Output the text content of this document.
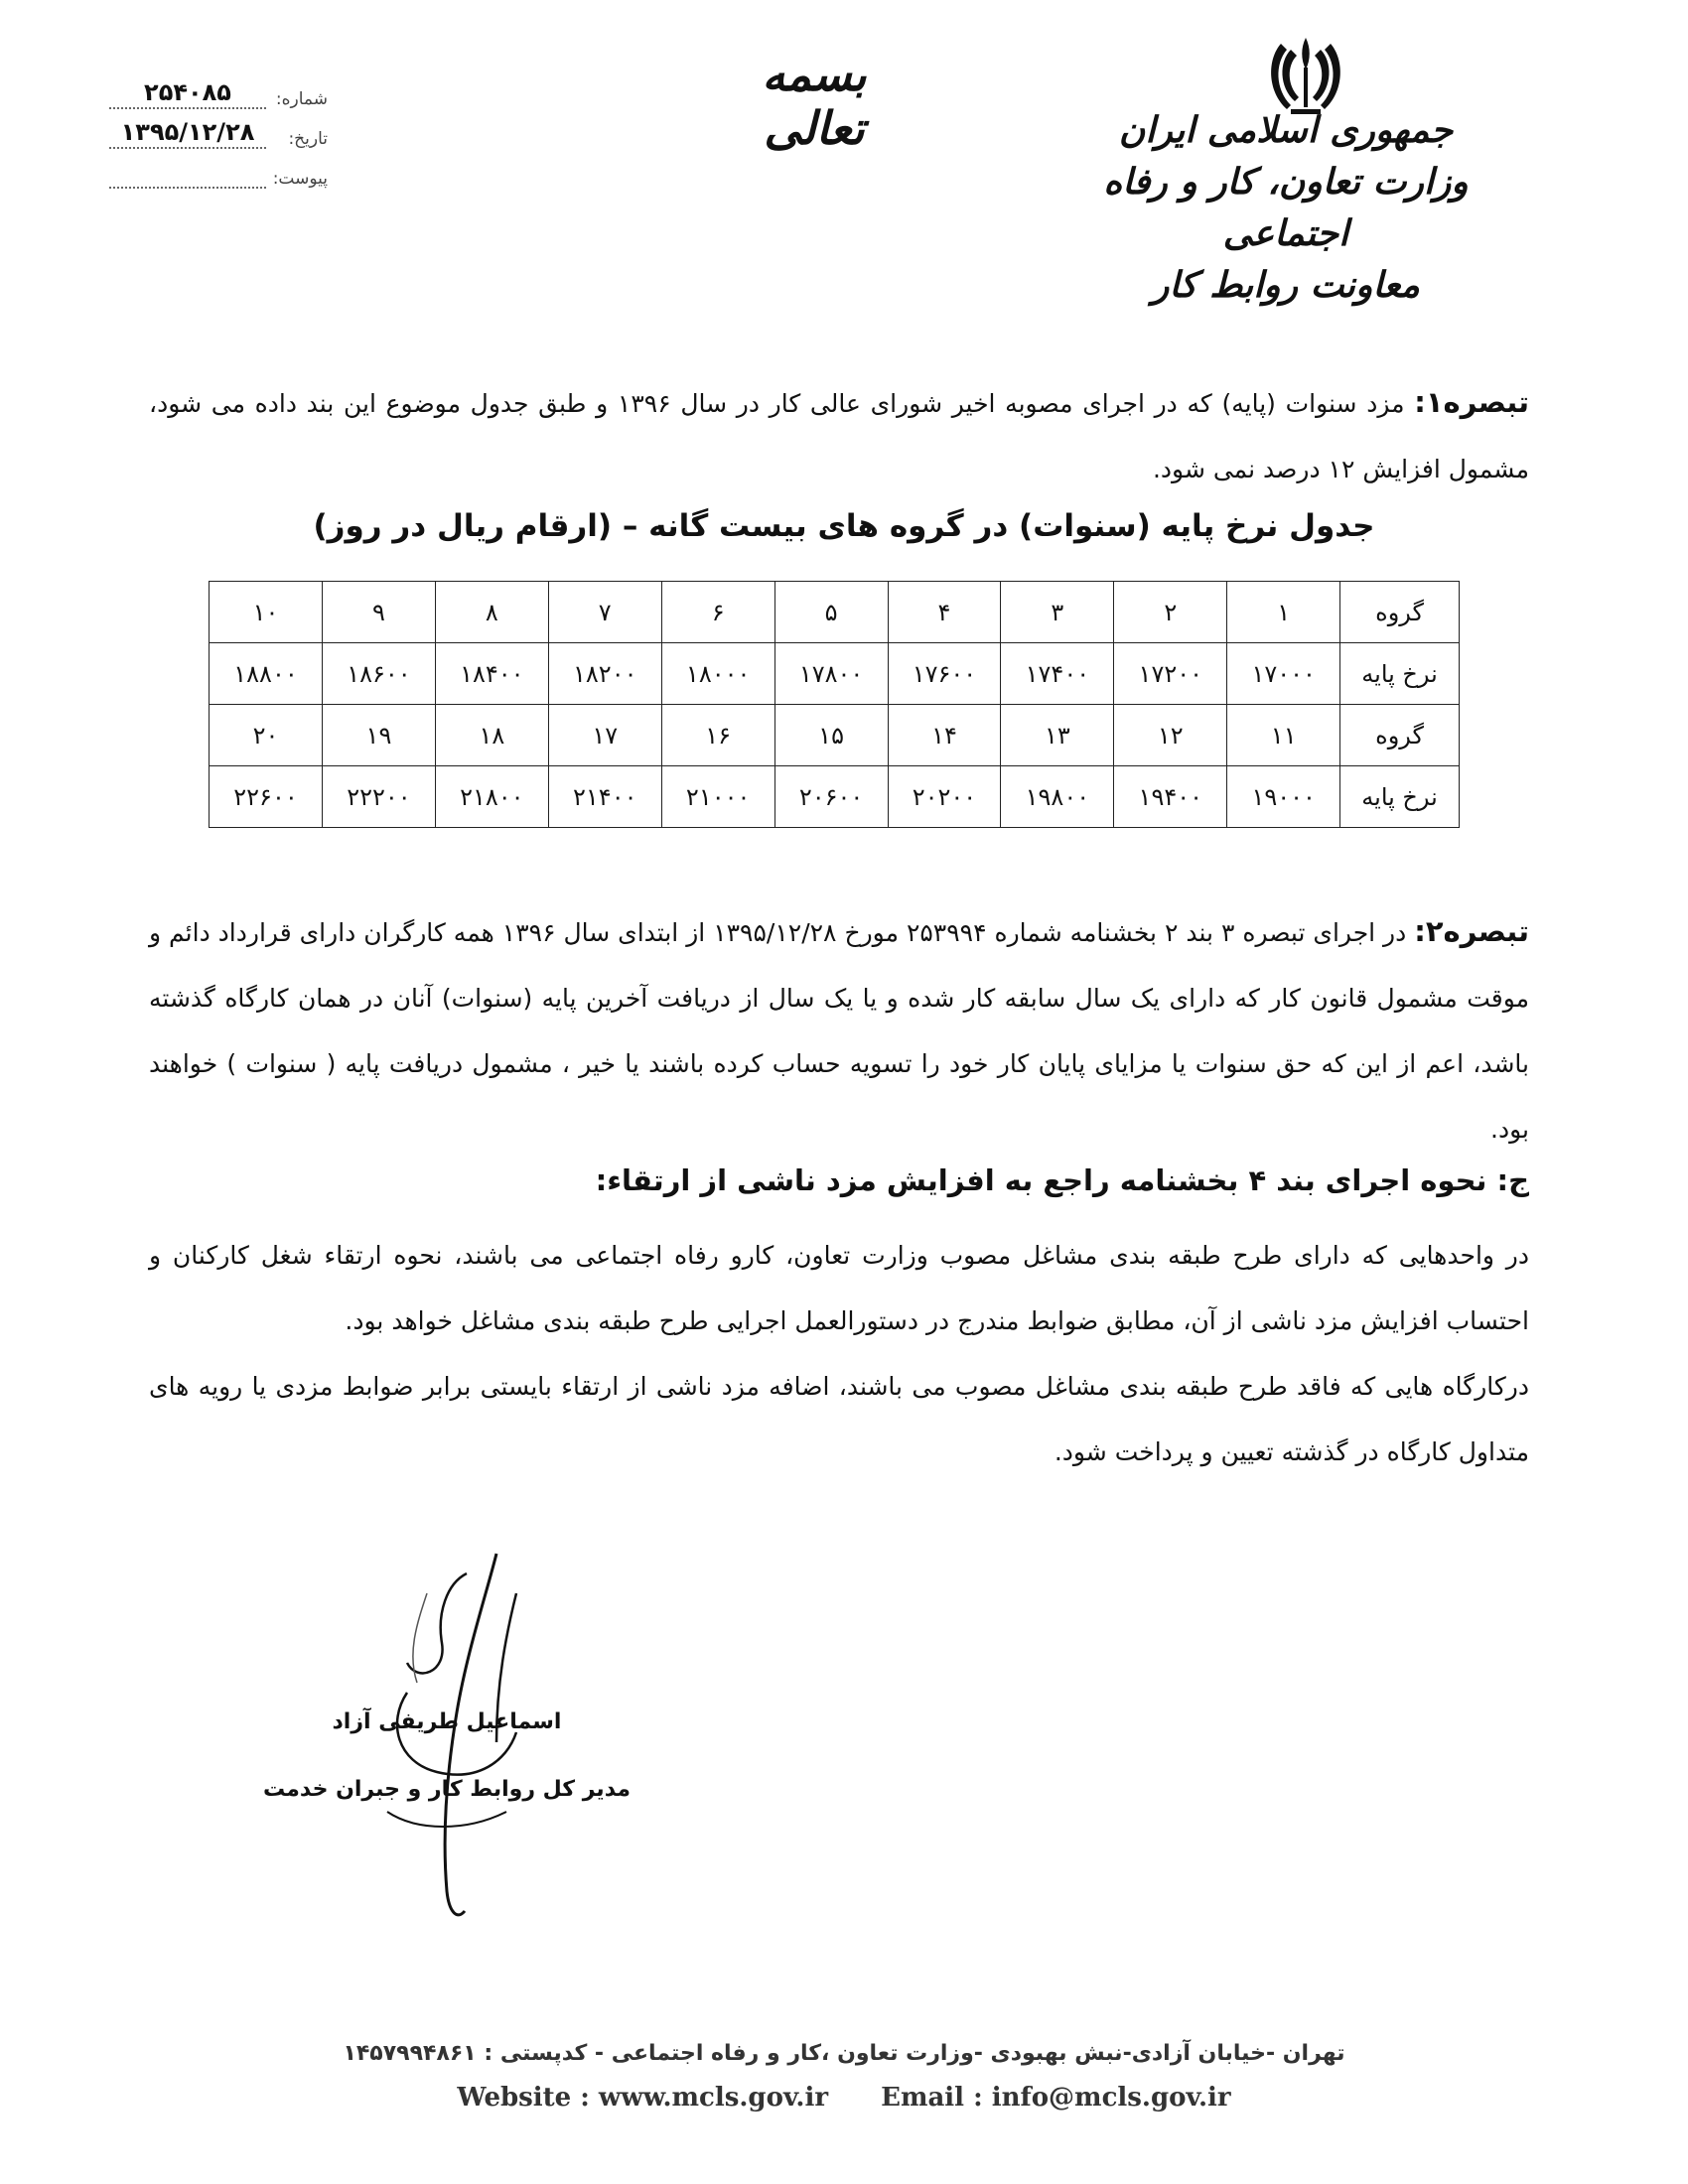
جمهوری اسلامی ایران
وزارت تعاون، کار و رفاه اجتماعی
معاونت روابط کار
بسمه تعالی
شماره:
۲۵۴۰۸۵
تاریخ:
۱۳۹۵/۱۲/۲۸
پیوست:
تبصره۱: مزد سنوات (پایه) که در اجرای مصوبه اخیر شورای عالی کار در سال ۱۳۹۶ و طبق جدول موضوع این بند داده می شود، مشمول افزایش ۱۲ درصد نمی شود.
جدول نرخ پایه (سنوات) در گروه های بیست گانه – (ارقام ریال در روز)
گروه	۱	۲	۳	۴	۵	۶	۷	۸	۹	۱۰
نرخ پایه	۱۷۰۰۰	۱۷۲۰۰	۱۷۴۰۰	۱۷۶۰۰	۱۷۸۰۰	۱۸۰۰۰	۱۸۲۰۰	۱۸۴۰۰	۱۸۶۰۰	۱۸۸۰۰
گروه	۱۱	۱۲	۱۳	۱۴	۱۵	۱۶	۱۷	۱۸	۱۹	۲۰
نرخ پایه	۱۹۰۰۰	۱۹۴۰۰	۱۹۸۰۰	۲۰۲۰۰	۲۰۶۰۰	۲۱۰۰۰	۲۱۴۰۰	۲۱۸۰۰	۲۲۲۰۰	۲۲۶۰۰
تبصره۲: در اجرای تبصره ۳ بند ۲ بخشنامه شماره ۲۵۳۹۹۴ مورخ ۱۳۹۵/۱۲/۲۸ از ابتدای سال ۱۳۹۶ همه کارگران دارای قرارداد دائم و موقت مشمول قانون کار که دارای یک سال سابقه کار شده و یا یک سال از دریافت آخرین پایه (سنوات) آنان در همان کارگاه گذشته باشد، اعم از این که حق سنوات یا مزایای پایان کار خود را تسویه حساب کرده باشند یا خیر ، مشمول دریافت پایه ( سنوات ) خواهند بود.
ج: نحوه اجرای بند ۴ بخشنامه راجع به افزایش مزد ناشی از ارتقاء:
در واحدهایی که دارای طرح طبقه بندی مشاغل مصوب وزارت تعاون، کارو رفاه اجتماعی می باشند، نحوه ارتقاء شغل کارکنان و احتساب افزایش مزد ناشی از آن، مطابق ضوابط مندرج در دستورالعمل اجرایی طرح طبقه بندی مشاغل خواهد بود.
درکارگاه هایی که فاقد طرح طبقه بندی مشاغل مصوب می باشند، اضافه مزد ناشی از ارتقاء بایستی برابر ضوابط مزدی یا رویه های متداول کارگاه در گذشته تعیین و پرداخت شود.
اسماعیل طریفی آزاد
مدیر کل روابط کار و جبران خدمت
تهران -خیابان آزادی-نبش بهبودی -وزارت تعاون ،کار و رفاه اجتماعی - کدپستی : ۱۴۵۷۹۹۴۸۶۱
Website : www.mcls.gov.ir Email : info@mcls.gov.ir
